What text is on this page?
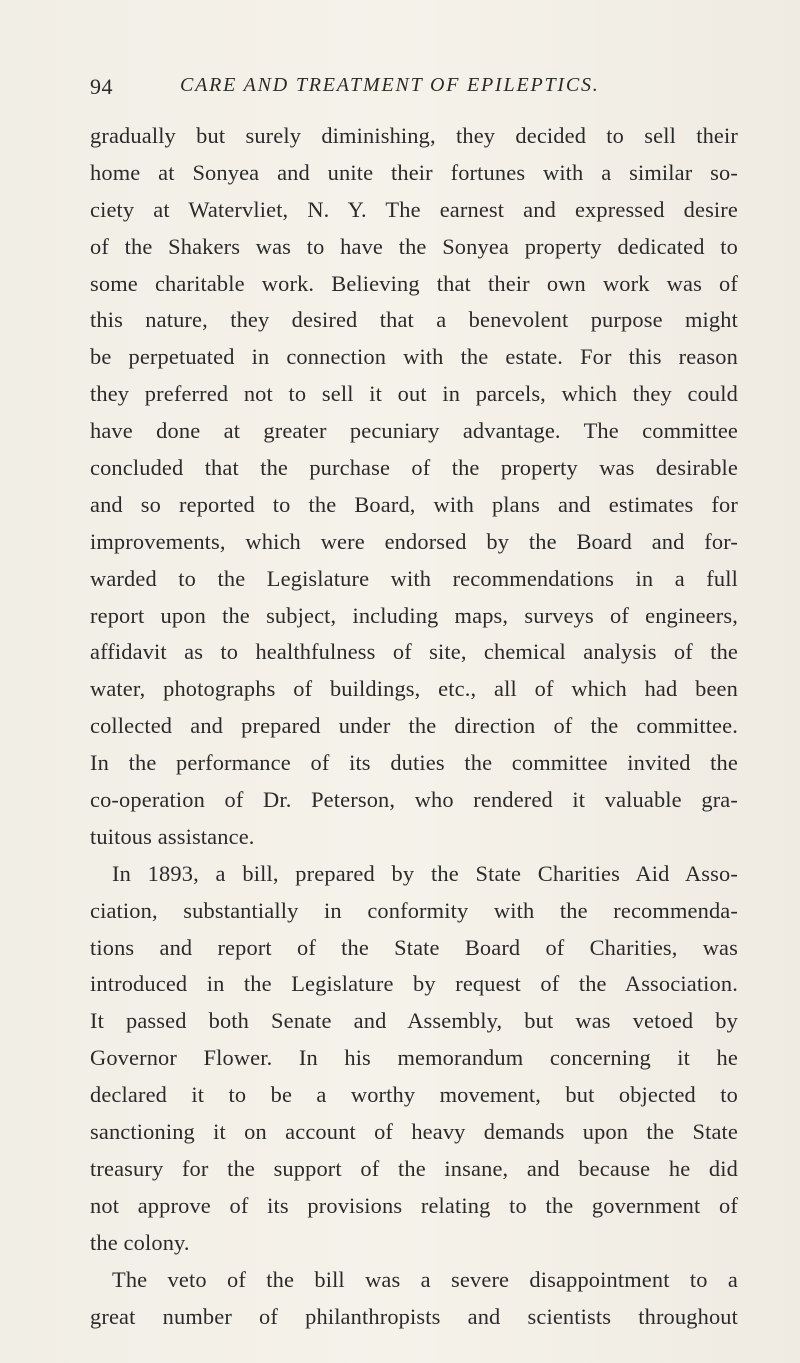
94	CARE AND TREATMENT OF EPILEPTICS.
gradually but surely diminishing, they decided to sell their
home at Sonyea and unite their fortunes with a similar so-
ciety at Watervliet, N. Y. The earnest and expressed desire
of the Shakers was to have the Sonyea property dedicated to
some charitable work. Believing that their own work was of
this nature, they desired that a benevolent purpose might
be perpetuated in connection with the estate. For this reason
they preferred not to sell it out in parcels, which they could
have done at greater pecuniary advantage. The committee
concluded that the purchase of the property was desirable
and so reported to the Board, with plans and estimates for
improvements, which were endorsed by the Board and for-
warded to the Legislature with recommendations in a full
report upon the subject, including maps, surveys of engineers,
affidavit as to healthfulness of site, chemical analysis of the
water, photographs of buildings, etc., all of which had been
collected and prepared under the direction of the committee.
In the performance of its duties the committee invited the
co-operation of Dr. Peterson, who rendered it valuable gra-
tuitous assistance.
In 1893, a bill, prepared by the State Charities Aid Asso-
ciation, substantially in conformity with the recommenda-
tions and report of the State Board of Charities, was
introduced in the Legislature by request of the Association.
It passed both Senate and Assembly, but was vetoed by
Governor Flower. In his memorandum concerning it he
declared it to be a worthy movement, but objected to
sanctioning it on account of heavy demands upon the State
treasury for the support of the insane, and because he did
not approve of its provisions relating to the government of
the colony.
The veto of the bill was a severe disappointment to a
great number of philanthropists and scientists throughout
